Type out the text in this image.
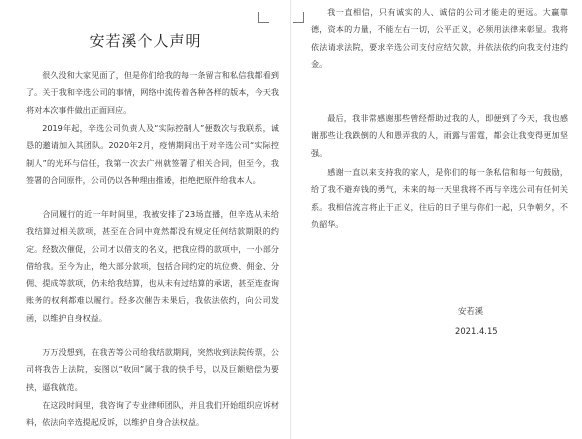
安若溪个人声明

很久没和大家见面了，但是你们给我的每一条留言和私信我都看到了。关于我和辛选公司的事情，网络中流传着各种各样的版本，今天我将对本次事件做出正面回应。

2019年起，辛选公司负责人及“实际控制人”便数次与我联系，诚恳的邀请加入其团队。2020年2月，疫情期间出于对辛选公司“实际控制人”的光环与信任，我第一次去广州就签署了相关合同，但至今，我签署的合同原件，公司仍以各种理由推诿，拒绝把原件给我本人。

合同履行的近一年时间里，我被安排了23场直播，但辛选从未给我结算过相关款项，甚至在合同中竟然都没有规定任何结款期限的约定。经数次催促，公司才以借支的名义，把我应得的款项中，一小部分借给我。至今为止，绝大部分款项，包括合同约定的坑位费、佣金、分佣、提成等款项，仍未给我结算，也从未有过结算的承诺，甚至连查询账务的权利都难以履行。经多次催告未果后，我依法依约，向公司发函，以维护自身权益。

万万没想到，在我苦等公司给我结款期间，突然收到法院传票，公司将我告上法院，妄图以“收回”属于我的快手号，以及巨额赔偿为要挟，逼我就范。

在这段时间里，我咨询了专业律师团队，并且我们开始组织应诉材料，依法向辛选提起反诉，以维护自身合法权益。

我一直相信，只有诚实的人、诚信的公司才能走的更远。大赢靠德，资本的力量，不能左右一切，公平正义，必须用法律来彰显。我将依法请求法院，要求辛选公司支付应结欠款，并依法依约向我支付违约金。

最后，我非常感谢那些曾经帮助过我的人，即便到了今天，我也感谢那些让我跌倒的人和愚弄我的人，雨露与雷霆，都会让我变得更加坚强。

感谢一直以来支持我的家人，是你们的每一条私信和每一句鼓励，给了我不避弃钱的勇气，未来的每一天里我将不再与辛选公司有任何关系。我相信流言将止于正义，往后的日子里与你们一起，只争朝夕，不负韶华。

安若溪

2021.4.15
